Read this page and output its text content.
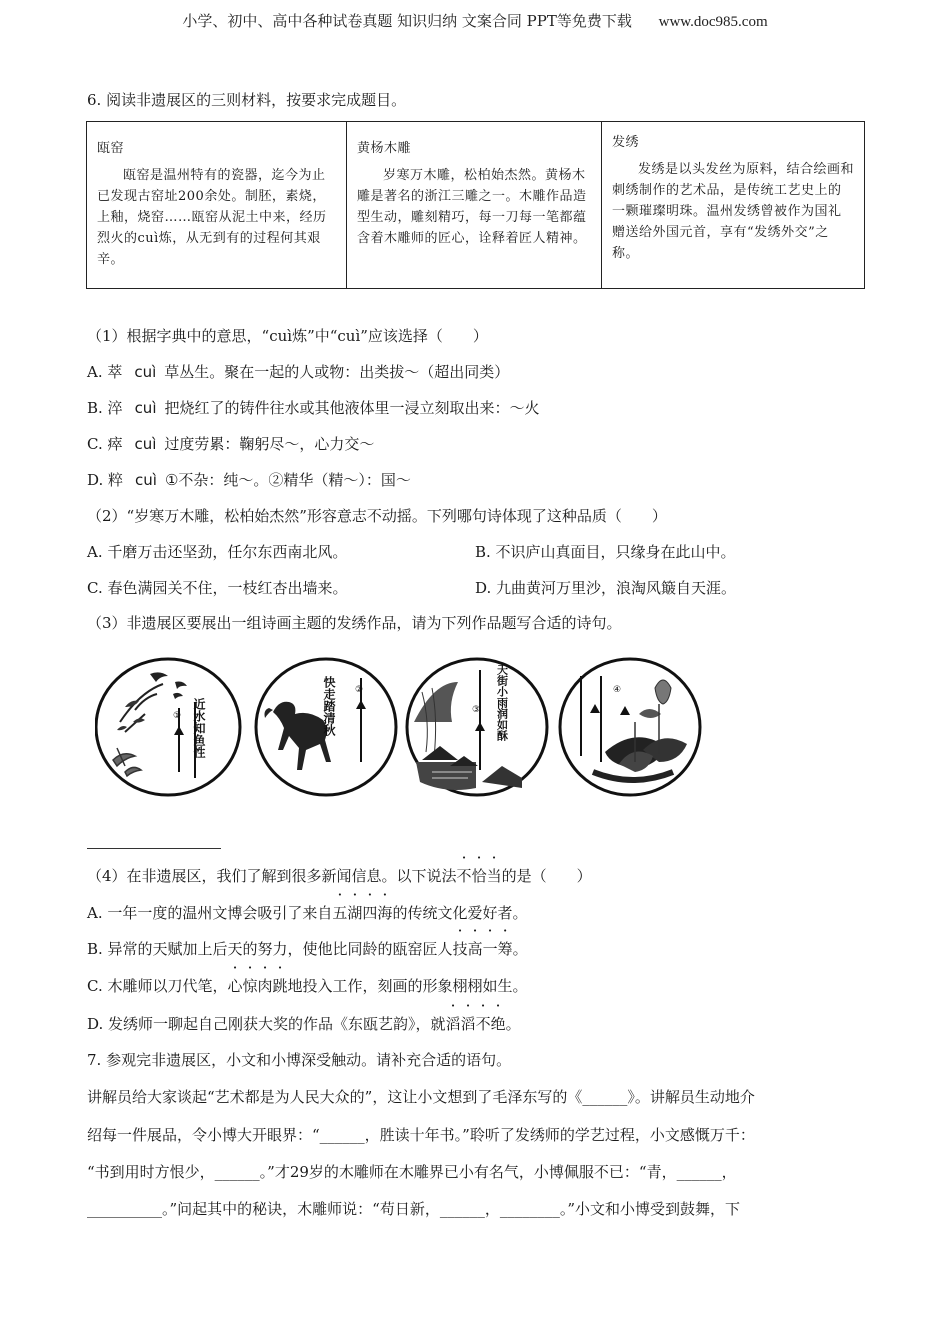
小学、初中、高中各种试卷真题 知识归纳 文案合同 PPT等免费下载 www.doc985.com
6. 阅读非遗展区的三则材料，按要求完成题目。
瓯窑
瓯窑是温州特有的瓷器，迄今为止已发现古窑址200余处。制胚，素烧，上釉，烧窑……瓯窑从泥土中来，经历烈火的cuì炼，从无到有的过程何其艰辛。

黄杨木雕
岁寒万木雕，松柏始杰然。黄杨木雕是著名的浙江三雕之一。木雕作品造型生动，雕刻精巧，每一刀每一笔都蕴含着木雕师的匠心，诠释着匠人精神。

发绣
发绣是以头发丝为原料，结合绘画和刺绣制作的艺术品，是传统工艺史上的一颗璀璨明珠。温州发绣曾被作为国礼赠送给外国元首，享有“发绣外交”之称。
（1）根据字典中的意思，“cuì炼”中“cuì”应该选择（　　）
A. 萃 cuì 草丛生。聚在一起的人或物：出类拔～（超出同类）
B. 淬 cuì 把烧红了的铸件往水或其他液体里一浸立刻取出来：～火
C. 瘁 cuì 过度劳累：鞠躬尽～，心力交～
D. 粹 cuì ①不杂：纯～。②精华（精～）：国～
（2）“岁寒万木雕，松柏始杰然”形容意志不动摇。下列哪句诗体现了这种品质（　　）
A. 千磨万击还坚劲，任尔东西南北风。	B. 不识庐山真面目，只缘身在此山中。
C. 春色满园关不住，一枝红杏出墙来。	D. 九曲黄河万里沙，浪淘风簸自天涯。
（3）非遗展区要展出一组诗画主题的发绣作品，请为下列作品题写合适的诗句。
① 近水知鱼性	快走踏清秋 ②
③ 天街小雨润如酥	④
（4）在非遗展区，我们了解到很多新闻信息。以下说法不恰当的是（　　）
A. 一年一度的温州文博会吸引了来自五湖四海的传统文化爱好者。
B. 异常的天赋加上后天的努力，使他比同龄的瓯窑匠人技高一筹。
C. 木雕师以刀代笔，心惊肉跳地投入工作，刻画的形象栩栩如生。
D. 发绣师一聊起自己刚获大奖的作品《东瓯艺韵》，就滔滔不绝。
7. 参观完非遗展区，小文和小博深受触动。请补充合适的语句。
讲解员给大家谈起“艺术都是为人民大众的”，这让小文想到了毛泽东写的《______》。讲解员生动地介
绍每一件展品，令小博大开眼界：“______，胜读十年书。”聆听了发绣师的学艺过程，小文感慨万千：
“书到用时方恨少，______。”才29岁的木雕师在木雕界已小有名气，小博佩服不已：“青，______，
__________。”问起其中的秘诀，木雕师说：“苟日新，______，________。”小文和小博受到鼓舞，下
